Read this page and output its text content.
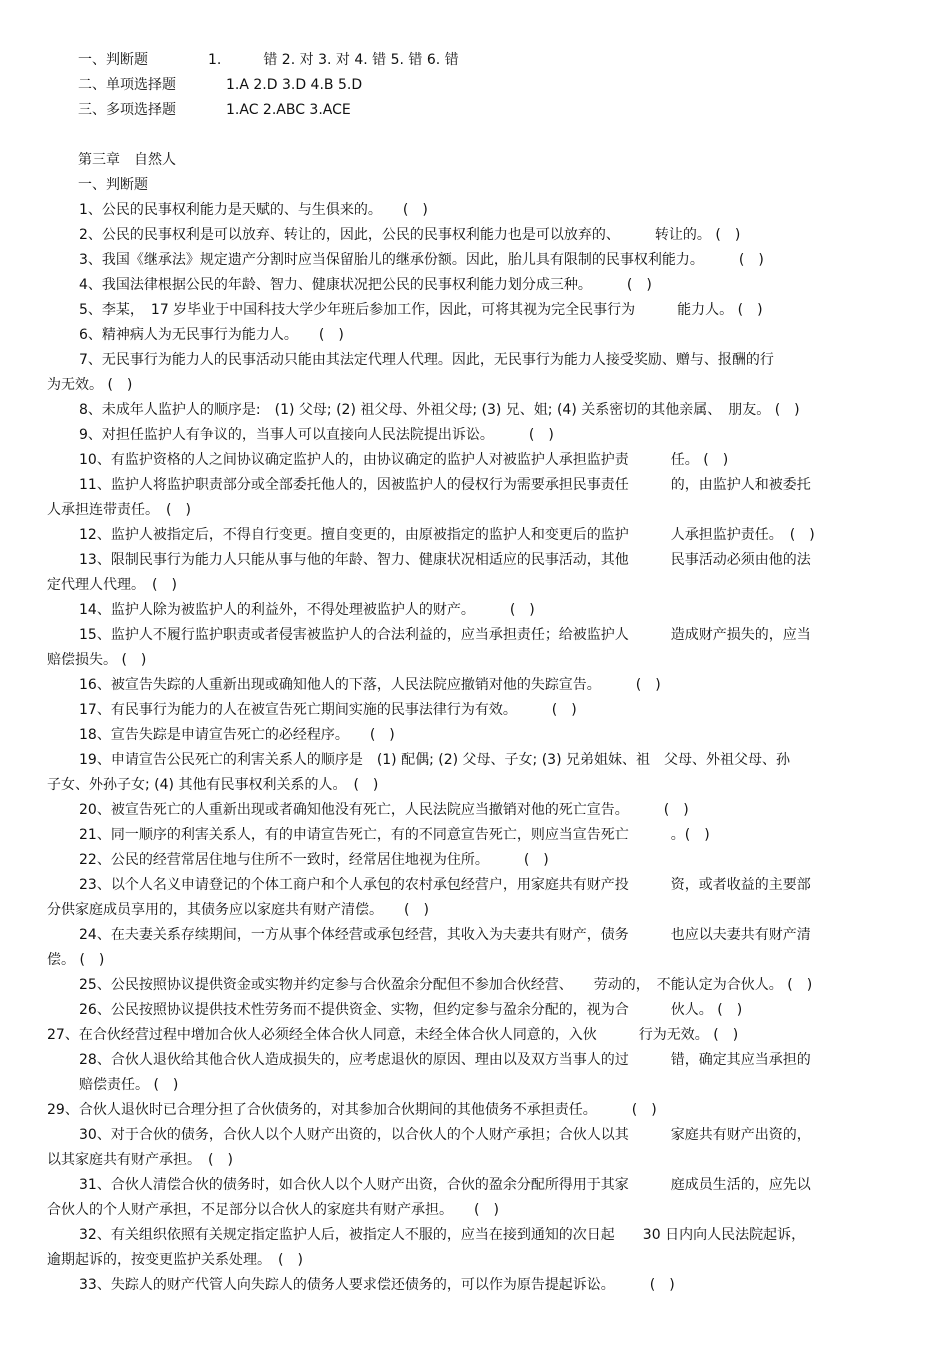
一、判断题	1.　　　错 2. 对 3. 对 4. 错 5. 错 6. 错
二、单项选择题	1.A 2.D 3.D 4.B 5.D
三、多项选择题	1.AC 2.ABC 3.ACE
第三章　自然人
一、判断题
1、公民的民事权利能力是天赋的、与生俱来的。　　(　)
2、公民的民事权利是可以放弃、转让的，因此，公民的民事权利能力也是可以放弃的、　　　转让的。 (　)
3、我国《继承法》规定遗产分割时应当保留胎儿的继承份额。因此，胎儿具有限制的民事权利能力。　　　(　)
4、我国法律根据公民的年龄、智力、健康状况把公民的民事权利能力划分成三种。　　　(　)
5、李某，　17 岁毕业于中国科技大学少年班后参加工作，因此，可将其视为完全民事行为　　　能力人。 (　)
6、精神病人为无民事行为能力人。　　(　)
7、无民事行为能力人的民事活动只能由其法定代理人代理。因此，无民事行为能力人接受奖励、赠与、报酬的行
为无效。 (　)
8、未成年人监护人的顺序是:　(1) 父母; (2) 祖父母、外祖父母; (3) 兄、姐; (4) 关系密切的其他亲属、　朋友。 (　)
9、对担任监护人有争议的，当事人可以直接向人民法院提出诉讼。　　　(　)
10、有监护资格的人之间协议确定监护人的，由协议确定的监护人对被监护人承担监护责　　　任。 (　)
11、监护人将监护职责部分或全部委托他人的，因被监护人的侵权行为需要承担民事责任　　　的，由监护人和被委托
人承担连带责任。　(　)
12、监护人被指定后，不得自行变更。擅自变更的，由原被指定的监护人和变更后的监护　　　人承担监护责任。　(　)
13、限制民事行为能力人只能从事与他的年龄、智力、健康状况相适应的民事活动，其他　　　民事活动必须由他的法
定代理人代理。　(　)
14、监护人除为被监护人的利益外，不得处理被监护人的财产。　　　(　)
15、监护人不履行监护职责或者侵害被监护人的合法利益的，应当承担责任；给被监护人　　　造成财产损失的，应当
赔偿损失。 (　)
16、被宣告失踪的人重新出现或确知他人的下落，人民法院应撤销对他的失踪宣告。　　　(　)
17、有民事行为能力的人在被宣告死亡期间实施的民事法律行为有效。　　　(　)
18、宣告失踪是申请宣告死亡的必经程序。　　(　)
19、申请宣告公民死亡的利害关系人的顺序是　(1) 配偶; (2) 父母、子女; (3) 兄弟姐妹、祖　父母、外祖父母、孙
子女、外孙子女; (4) 其他有民事权利关系的人。　(　)
20、被宣告死亡的人重新出现或者确知他没有死亡，人民法院应当撤销对他的死亡宣告。　　　(　)
21、同一顺序的利害关系人，有的申请宣告死亡，有的不同意宣告死亡，则应当宣告死亡　　　。(　)
22、公民的经营常居住地与住所不一致时，经常居住地视为住所。　　　(　)
23、以个人名义申请登记的个体工商户和个人承包的农村承包经营户，用家庭共有财产投　　　资，或者收益的主要部
分供家庭成员享用的，其债务应以家庭共有财产清偿。　　(　)
24、在夫妻关系存续期间，一方从事个体经营或承包经营，其收入为夫妻共有财产，债务　　　也应以夫妻共有财产清
偿。 (　)
25、公民按照协议提供资金或实物并约定参与合伙盈余分配但不参加合伙经营、　　劳动的，　不能认定为合伙人。 (　)
26、公民按照协议提供技术性劳务而不提供资金、实物，但约定参与盈余分配的，视为合　　　伙人。 (　)
27、在合伙经营过程中增加合伙人必须经全体合伙人同意，未经全体合伙人同意的，入伙　　　行为无效。 (　)
28、合伙人退伙给其他合伙人造成损失的，应考虑退伙的原因、理由以及双方当事人的过　　　错，确定其应当承担的
赔偿责任。 (　)
29、合伙人退伙时已合理分担了合伙债务的，对其参加合伙期间的其他债务不承担责任。　　　(　)
30、对于合伙的债务，合伙人以个人财产出资的，以合伙人的个人财产承担；合伙人以其　　　家庭共有财产出资的，
以其家庭共有财产承担。　(　)
31、合伙人清偿合伙的债务时，如合伙人以个人财产出资，合伙的盈余分配所得用于其家　　　庭成员生活的，应先以
合伙人的个人财产承担，不足部分以合伙人的家庭共有财产承担。　　(　)
32、有关组织依照有关规定指定监护人后，被指定人不服的，应当在接到通知的次日起　　30 日内向人民法院起诉，
逾期起诉的，按变更监护关系处理。　(　)
33、失踪人的财产代管人向失踪人的债务人要求偿还债务的，可以作为原告提起诉讼。　　　(　)
